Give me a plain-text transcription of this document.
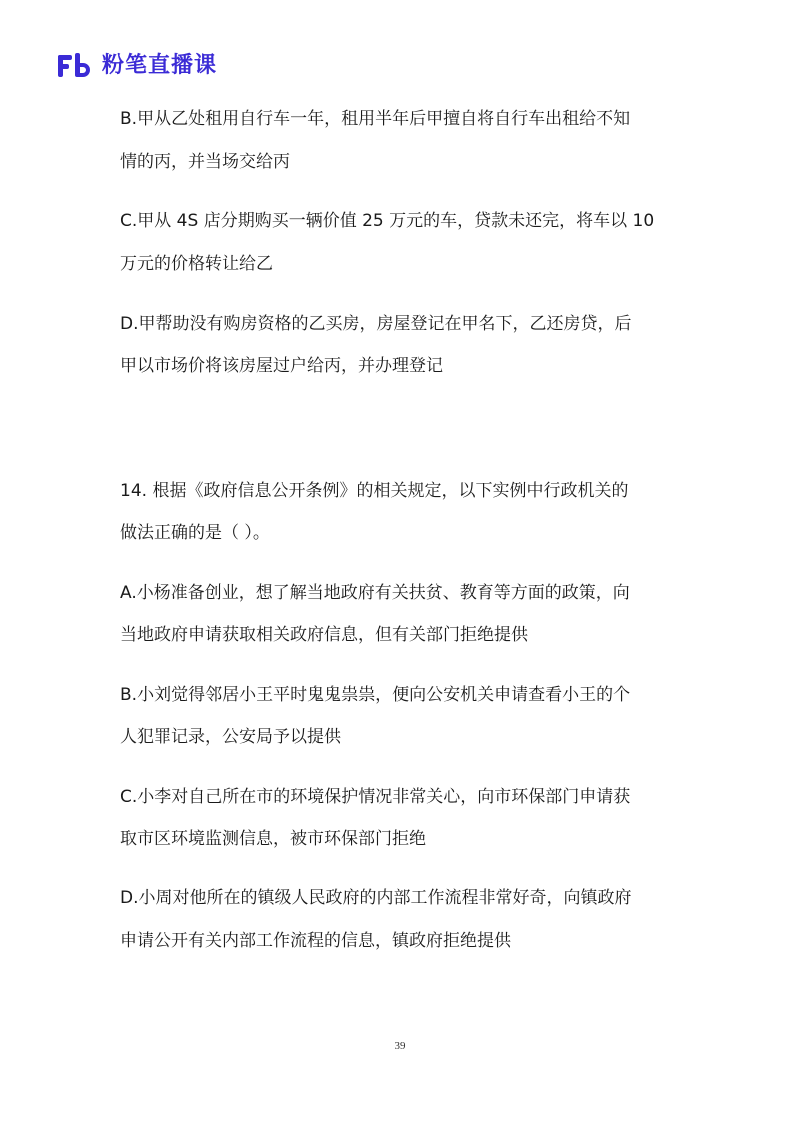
粉笔直播课
B.甲从乙处租用自行车一年，租用半年后甲擅自将自行车出租给不知
情的丙，并当场交给丙
C.甲从 4S 店分期购买一辆价值 25 万元的车，贷款未还完，将车以 10
万元的价格转让给乙
D.甲帮助没有购房资格的乙买房，房屋登记在甲名下，乙还房贷，后
甲以市场价将该房屋过户给丙，并办理登记
14. 根据《政府信息公开条例》的相关规定，以下实例中行政机关的
做法正确的是（ ）。
A.小杨准备创业，想了解当地政府有关扶贫、教育等方面的政策，向
当地政府申请获取相关政府信息，但有关部门拒绝提供
B.小刘觉得邻居小王平时鬼鬼祟祟，便向公安机关申请查看小王的个
人犯罪记录，公安局予以提供
C.小李对自己所在市的环境保护情况非常关心，向市环保部门申请获
取市区环境监测信息，被市环保部门拒绝
D.小周对他所在的镇级人民政府的内部工作流程非常好奇，向镇政府
申请公开有关内部工作流程的信息，镇政府拒绝提供
39
